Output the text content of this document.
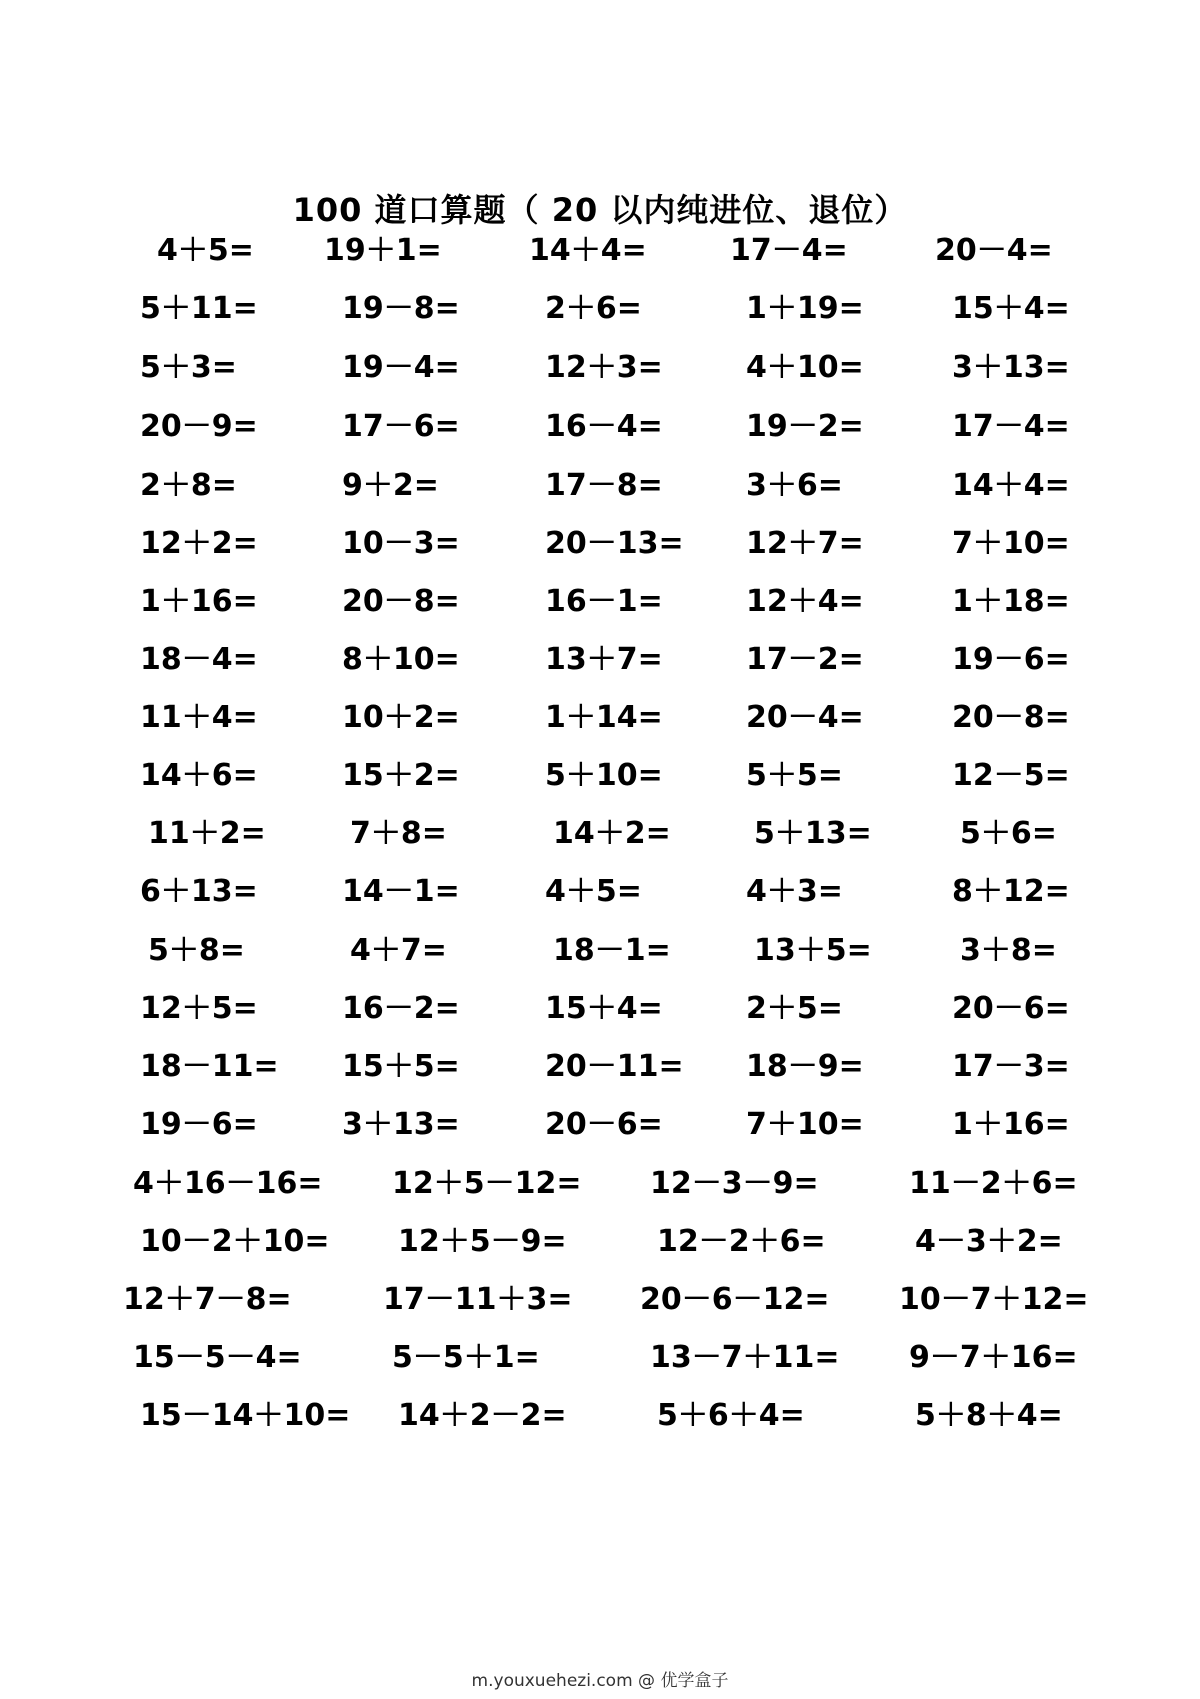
100 道口算题（ 20 以内纯进位、退位）
4＋5= 19＋1=	14＋4=	17－4=	20－4=
5＋11=	19－8=	2＋6=	1＋19=	15＋4=
5＋3=	19－4=	12＋3=	4＋10=	3＋13=
20－9=	17－6=	16－4=	19－2=	17－4=
2＋8=	9＋2=	17－8=	3＋6=	14＋4=
12＋2=	10－3=	20－13= 12＋7=	7＋10=
1＋16=	20－8=	16－1=	12＋4=	1＋18=
18－4=	8＋10=	13＋7=	17－2=	19－6=
11＋4=	10＋2=	1＋14=	20－4=	20－8=
14＋6=	15＋2=	5＋10=	5＋5=	12－5=
11＋2=	7＋8=	14＋2=	5＋13=	5＋6=
6＋13=	14－1=	4＋5=	4＋3=	8＋12=
5＋8=	4＋7=	18－1=	13＋5=	3＋8=
12＋5=	16－2=	15＋4=	2＋5=	20－6=
18－11= 15＋5=	20－11= 18－9=	17－3=
19－6=	3＋13=	20－6=	7＋10=	1＋16=
4＋16－16= 12＋5－12= 12－3－9=	11－2＋6=
10－2＋10= 12＋5－9=	12－2＋6=	4－3＋2=
12＋7－8=	17－11＋3= 20－6－12= 10－7＋12=
15－5－4=	5－5＋1=	13－7＋11= 9－7＋16=
15－14＋10= 14＋2－2=	5＋6＋4=	5＋8＋4=
m.youxuehezi.com @ 优学盒子
